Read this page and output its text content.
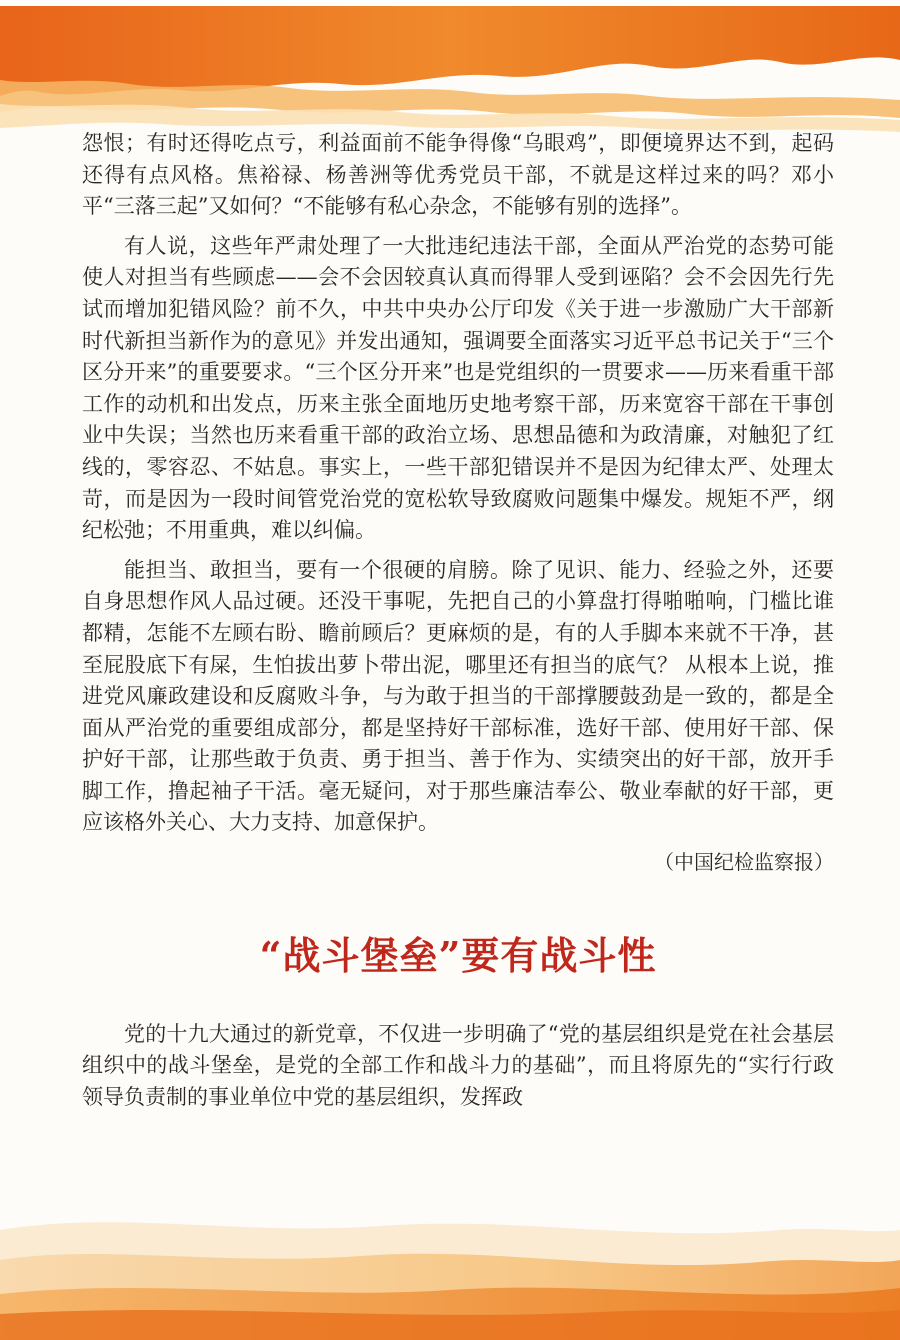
怨恨；有时还得吃点亏，利益面前不能争得像“乌眼鸡”，即便境界达不到，起码还得有点风格。焦裕禄、杨善洲等优秀党员干部，不就是这样过来的吗？邓小平“三落三起”又如何？“不能够有私心杂念，不能够有别的选择”。

有人说，这些年严肃处理了一大批违纪违法干部，全面从严治党的态势可能使人对担当有些顾虑——会不会因较真认真而得罪人受到诬陷？会不会因先行先试而增加犯错风险？前不久，中共中央办公厅印发《关于进一步激励广大干部新时代新担当新作为的意见》并发出通知，强调要全面落实习近平总书记关于“三个区分开来”的重要要求。“三个区分开来”也是党组织的一贯要求——历来看重干部工作的动机和出发点，历来主张全面地历史地考察干部，历来宽容干部在干事创业中失误；当然也历来看重干部的政治立场、思想品德和为政清廉，对触犯了红线的，零容忍、不姑息。事实上，一些干部犯错误并不是因为纪律太严、处理太苛，而是因为一段时间管党治党的宽松软导致腐败问题集中爆发。规矩不严，纲纪松弛；不用重典，难以纠偏。

能担当、敢担当，要有一个很硬的肩膀。除了见识、能力、经验之外，还要自身思想作风人品过硬。还没干事呢，先把自己的小算盘打得啪啪响，门槛比谁都精，怎能不左顾右盼、瞻前顾后？更麻烦的是，有的人手脚本来就不干净，甚至屁股底下有屎，生怕拔出萝卜带出泥，哪里还有担当的底气？ 从根本上说，推进党风廉政建设和反腐败斗争，与为敢于担当的干部撑腰鼓劲是一致的，都是全面从严治党的重要组成部分，都是坚持好干部标准，选好干部、使用好干部、保护好干部，让那些敢于负责、勇于担当、善于作为、实绩突出的好干部，放开手脚工作，撸起袖子干活。毫无疑问，对于那些廉洁奉公、敬业奉献的好干部，更应该格外关心、大力支持、加意保护。

（中国纪检监察报）

“战斗堡垒”要有战斗性

党的十九大通过的新党章，不仅进一步明确了“党的基层组织是党在社会基层组织中的战斗堡垒，是党的全部工作和战斗力的基础”，而且将原先的“实行行政领导负责制的事业单位中党的基层组织，发挥政
